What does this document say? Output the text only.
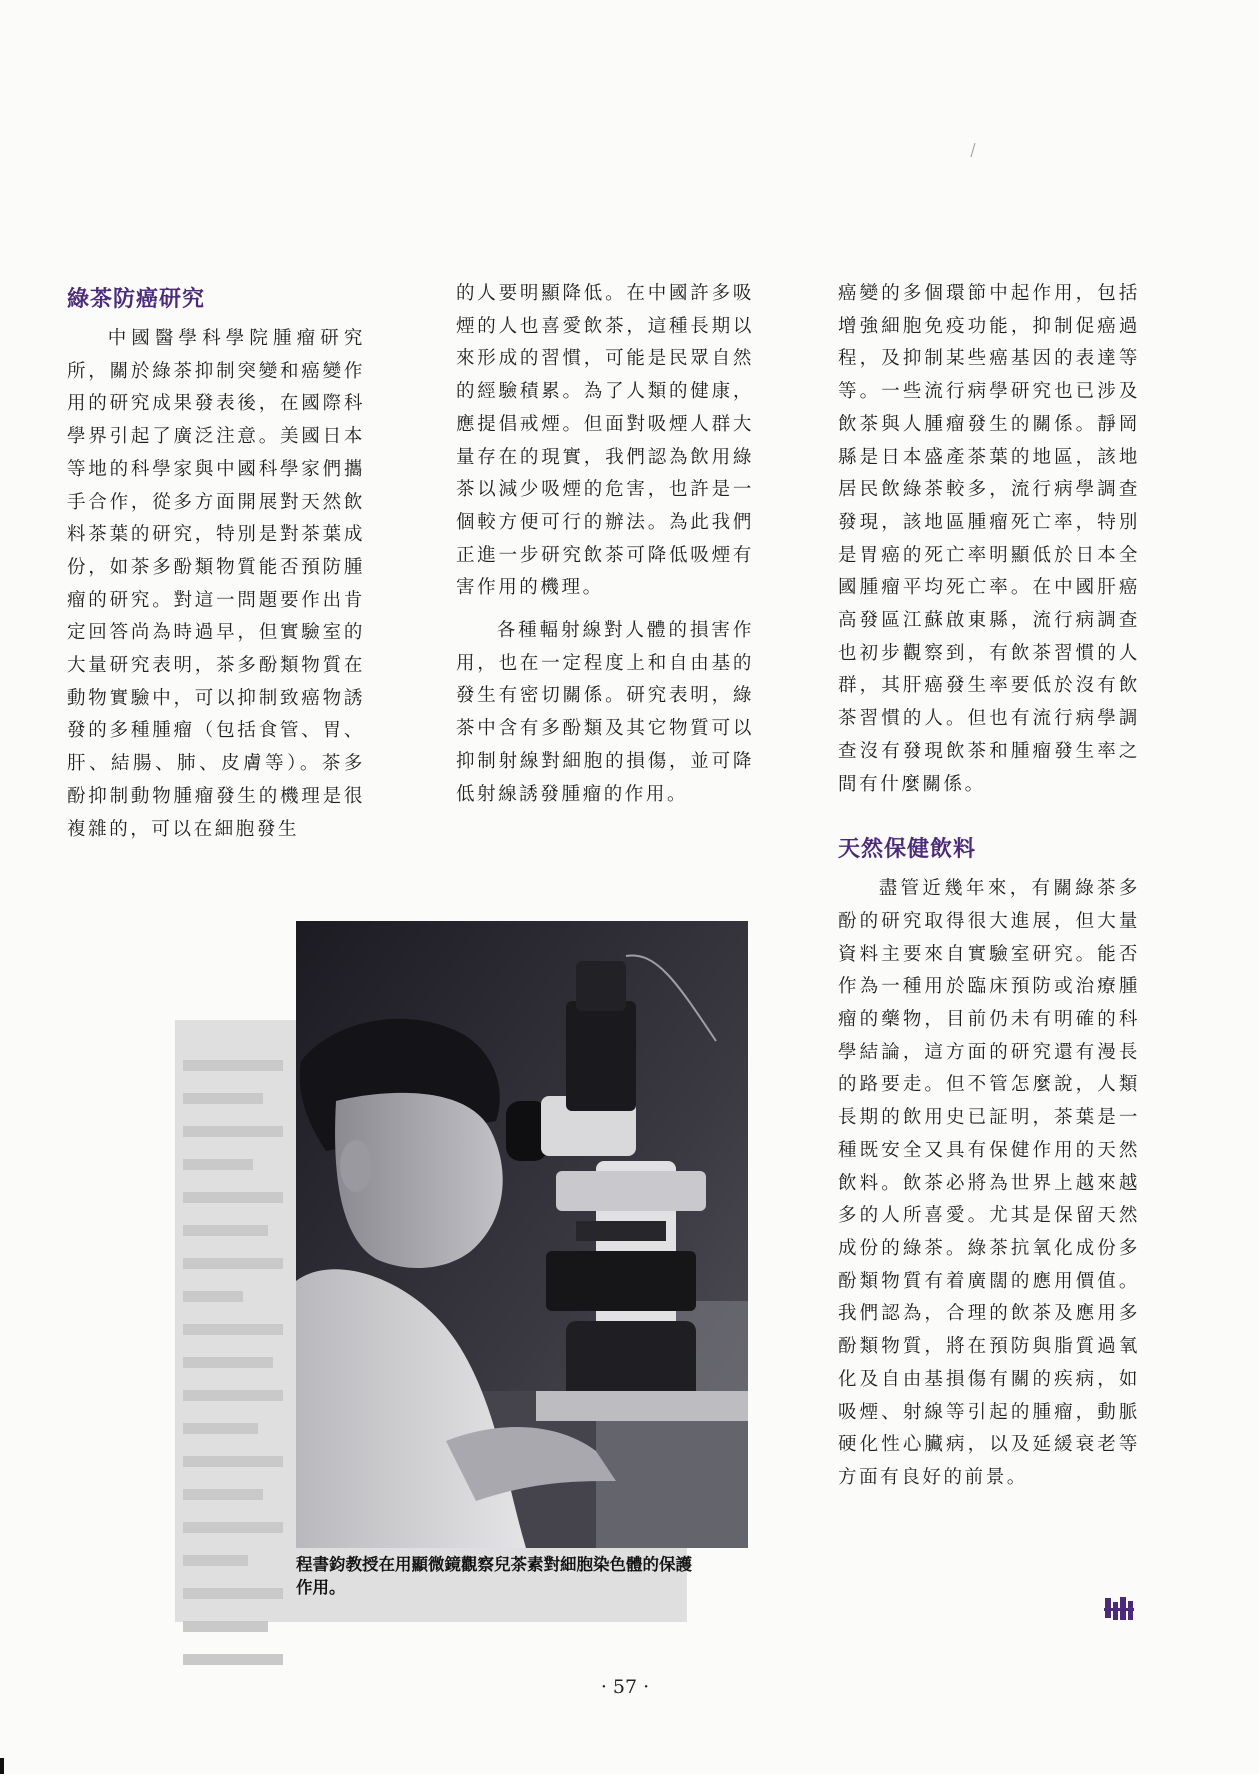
綠茶防癌研究

中國醫學科學院腫瘤研究所，關於綠茶抑制突變和癌變作用的研究成果發表後，在國際科學界引起了廣泛注意。美國日本等地的科學家與中國科學家們攜手合作，從多方面開展對天然飲料茶葉的研究，特別是對茶葉成份，如茶多酚類物質能否預防腫瘤的研究。對這一問題要作出肯定回答尚為時過早，但實驗室的大量研究表明，茶多酚類物質在動物實驗中，可以抑制致癌物誘發的多種腫瘤（包括食管、胃、肝、結腸、肺、皮膚等）。茶多酚抑制動物腫瘤發生的機理是很複雜的，可以在細胞發生

的人要明顯降低。在中國許多吸煙的人也喜愛飲茶，這種長期以來形成的習慣，可能是民眾自然的經驗積累。為了人類的健康，應提倡戒煙。但面對吸煙人群大量存在的現實，我們認為飲用綠茶以減少吸煙的危害，也許是一個較方便可行的辦法。為此我們正進一步研究飲茶可降低吸煙有害作用的機理。

各種輻射線對人體的損害作用，也在一定程度上和自由基的發生有密切關係。研究表明，綠茶中含有多酚類及其它物質可以抑制射線對細胞的損傷，並可降低射線誘發腫瘤的作用。

癌變的多個環節中起作用，包括增強細胞免疫功能，抑制促癌過程，及抑制某些癌基因的表達等等。一些流行病學研究也已涉及飲茶與人腫瘤發生的關係。靜岡縣是日本盛產茶葉的地區，該地居民飲綠茶較多，流行病學調查發現，該地區腫瘤死亡率，特別是胃癌的死亡率明顯低於日本全國腫瘤平均死亡率。在中國肝癌高發區江蘇啟東縣，流行病調查也初步觀察到，有飲茶習慣的人群，其肝癌發生率要低於沒有飲茶習慣的人。但也有流行病學調查沒有發現飲茶和腫瘤發生率之間有什麼關係。

天然保健飲料

盡管近幾年來，有關綠茶多酚的研究取得很大進展，但大量資料主要來自實驗室研究。能否作為一種用於臨床預防或治療腫瘤的藥物，目前仍未有明確的科學結論，這方面的研究還有漫長的路要走。但不管怎麼說，人類長期的飲用史已証明，茶葉是一種既安全又具有保健作用的天然飲料。飲茶必將為世界上越來越多的人所喜愛。尤其是保留天然成份的綠茶。綠茶抗氧化成份多酚類物質有着廣闊的應用價值。我們認為，合理的飲茶及應用多酚類物質，將在預防與脂質過氧化及自由基損傷有關的疾病，如吸煙、射線等引起的腫瘤，動脈硬化性心臟病，以及延緩衰老等方面有良好的前景。

程書鈞教授在用顯微鏡觀察兒茶素對細胞染色體的保護作用。
· 57 ·
